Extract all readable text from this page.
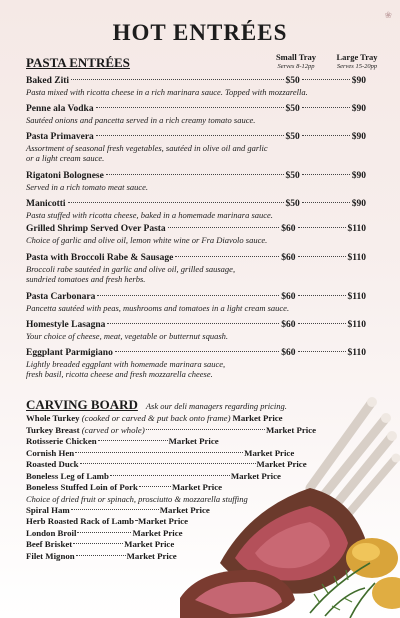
HOT ENTRÉES
❀
PASTA ENTRÉES	Small Tray
Serves 8-12pp
Large Tray
Serves 15-20pp
Baked Ziti	$50	$90
Pasta mixed with ricotta cheese in a rich marinara sauce. Topped with mozzarella.
Penne ala Vodka	$50	$90
Sautéed onions and pancetta served in a rich creamy tomato sauce.
Pasta Primavera	$50	$90
Assortment of seasonal fresh vegetables, sautéed in olive oil and garlic
or a light cream sauce.
Rigatoni Bolognese	$50	$90
Served in a rich tomato meat sauce.
Manicotti	$50	$90
Pasta stuffed with ricotta cheese, baked in a homemade marinara sauce.
Grilled Shrimp Served Over Pasta	$60	$110
Choice of garlic and olive oil, lemon white wine or Fra Diavolo sauce.
Pasta with Broccoli Rabe & Sausage	$60	$110
Broccoli rabe sautéed in garlic and olive oil, grilled sausage,
sundried tomatoes and fresh herbs.
Pasta Carbonara	$60	$110
Pancetta sautéed with peas, mushrooms and tomatoes in a light cream sauce.
Homestyle Lasagna	$60	$110
Your choice of cheese, meat, vegetable or butternut squash.
Eggplant Parmigiano	$60	$110
Lightly breaded eggplant with homemade marinara sauce,
fresh basil, ricotta cheese and fresh mozzarella cheese.
CARVING BOARD Ask our deli managers regarding pricing.
Whole Turkey
(cooked or carved & put back onto frame) Market Price
Turkey Breast
(carved or whole)	Market Price
Rotisserie Chicken	Market Price
Cornish Hen	Market Price
Roasted Duck	Market Price
Boneless Leg of Lamb	Market Price
Boneless Stuffed Loin of Pork	Market Price
Choice of dried fruit or spinach, prosciutto & mozzarella stuffing
Spiral Ham	Market Price
Herb Roasted Rack of Lamb Market Price
London Broil	Market Price
Beef Brisket	Market Price
Filet Mignon	Market Price
